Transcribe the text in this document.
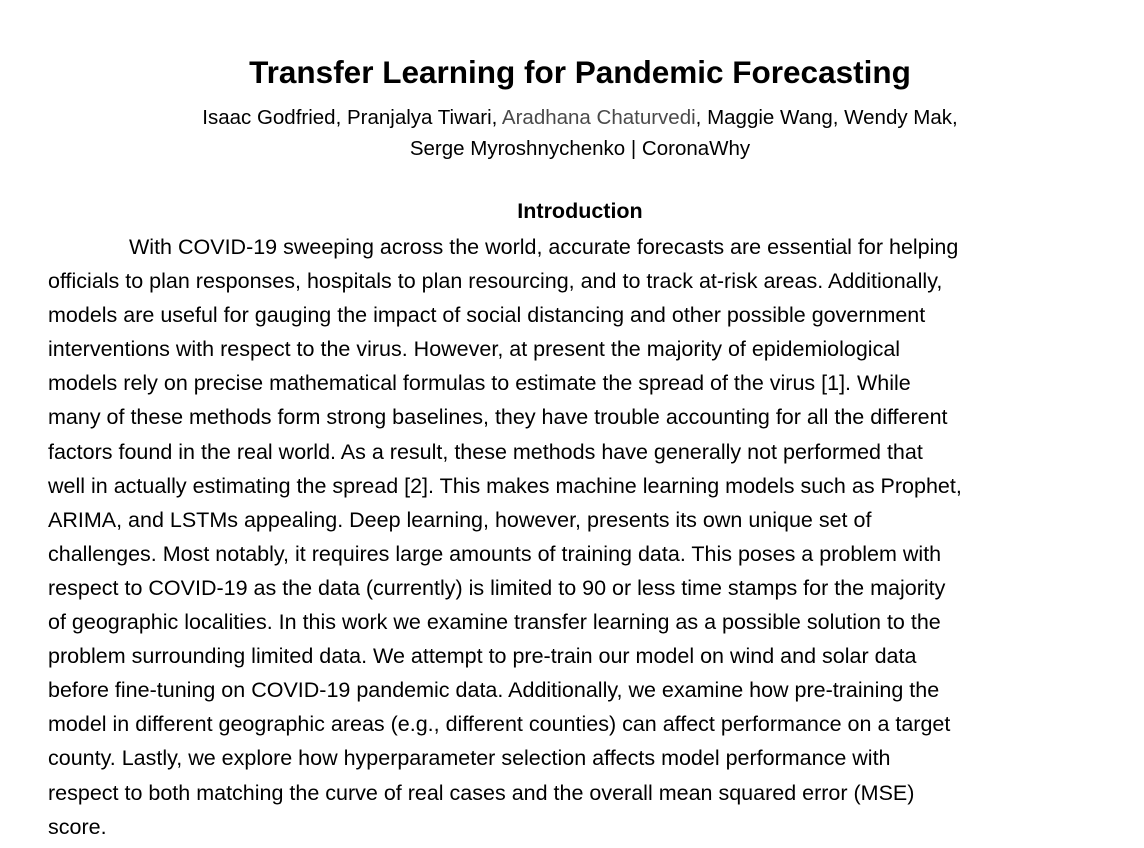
Transfer Learning for Pandemic Forecasting
Isaac Godfried, Pranjalya Tiwari, Aradhana Chaturvedi, Maggie Wang, Wendy Mak,
Serge Myroshnychenko | CoronaWhy
Introduction
With COVID-19 sweeping across the world, accurate forecasts are essential for helping
officials to plan responses, hospitals to plan resourcing, and to track at-risk areas. Additionally,
models are useful for gauging the impact of social distancing and other possible government
interventions with respect to the virus. However, at present the majority of epidemiological
models rely on precise mathematical formulas to estimate the spread of the virus [1]. While
many of these methods form strong baselines, they have trouble accounting for all the different
factors found in the real world. As a result, these methods have generally not performed that
well in actually estimating the spread [2]. This makes machine learning models such as Prophet,
ARIMA, and LSTMs appealing. Deep learning, however, presents its own unique set of
challenges. Most notably, it requires large amounts of training data. This poses a problem with
respect to COVID-19 as the data (currently) is limited to 90 or less time stamps for the majority
of geographic localities. In this work we examine transfer learning as a possible solution to the
problem surrounding limited data. We attempt to pre-train our model on wind and solar data
before fine-tuning on COVID-19 pandemic data. Additionally, we examine how pre-training the
model in different geographic areas (e.g., different counties) can affect performance on a target
county. Lastly, we explore how hyperparameter selection affects model performance with
respect to both matching the curve of real cases and the overall mean squared error (MSE)
score.
